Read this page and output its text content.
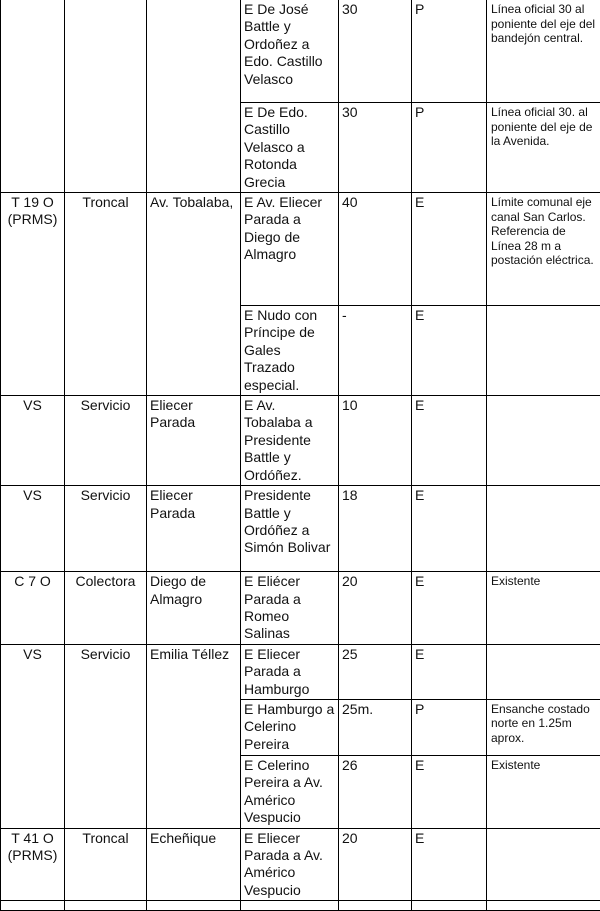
			E De José Battle y Ordoñez a Edo. Castillo Velasco	30	P	Línea oficial 30 al poniente del eje del bandejón central.
			E De Edo. Castillo Velasco a Rotonda Grecia	30	P	Línea oficial 30. al poniente del eje de la Avenida.
T 19 O (PRMS)	Troncal	Av. Tobalaba,	E Av. Eliecer Parada a Diego de Almagro	40	E	Límite comunal eje canal San Carlos. Referencia de Línea 28 m a postación eléctrica.
			E Nudo con Príncipe de Gales Trazado especial.	-	E	
VS	Servicio	Eliecer Parada	E Av. Tobalaba a Presidente Battle y Ordóñez.	10	E	
VS	Servicio	Eliecer Parada	Presidente Battle y Ordóñez a Simón Bolivar	18	E	
C 7 O	Colectora	Diego de Almagro	E Eliécer Parada a Romeo Salinas	20	E	Existente
VS	Servicio	Emilia Téllez	E Eliecer Parada a Hamburgo	25	E	
			E Hamburgo a Celerino Pereira	25m.	P	Ensanche costado norte en 1.25m aprox.
			E Celerino Pereira a Av. Américo Vespucio	26	E	Existente
T 41 O (PRMS)	Troncal	Echeñique	E Eliecer Parada a Av. Américo Vespucio	20	E	
